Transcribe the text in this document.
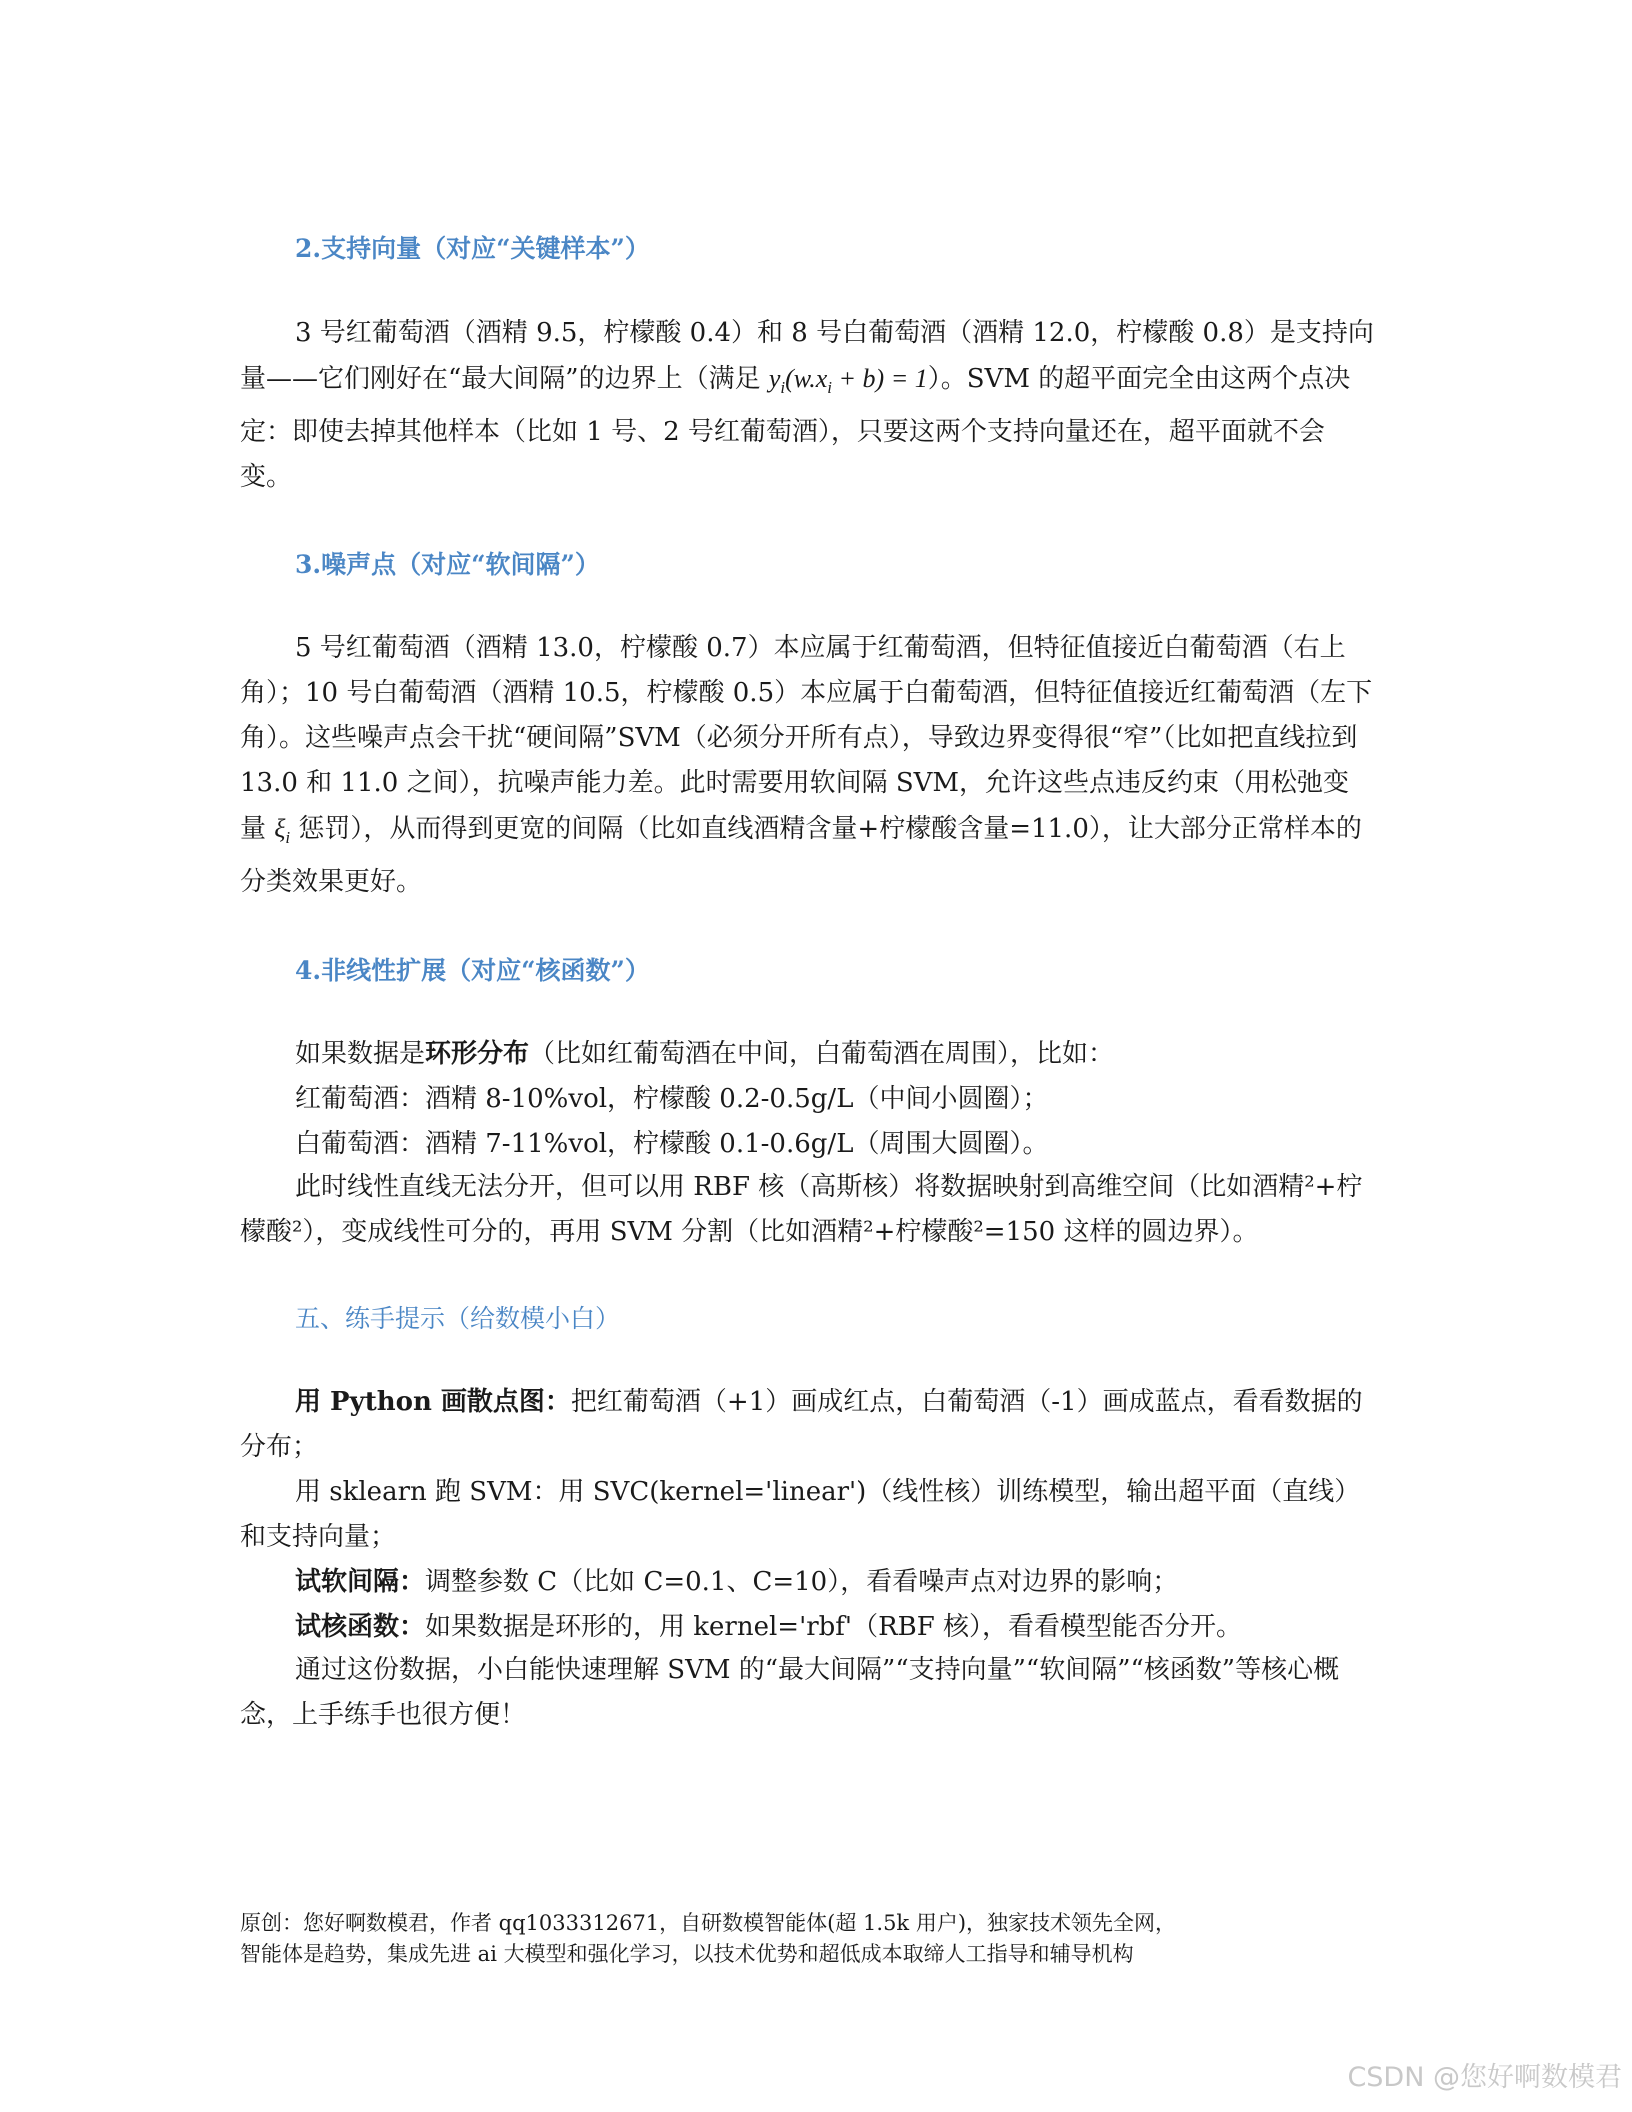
2.支持向量（对应“关键样本”）

3 号红葡萄酒（酒精 9.5，柠檬酸 0.4）和 8 号白葡萄酒（酒精 12.0，柠檬酸 0.8）是支持向量——它们刚好在“最大间隔”的边界上（满足 $y_i(w.x_i + b) = 1$）。SVM 的超平面完全由这两个点决定：即使去掉其他样本（比如 1 号、2 号红葡萄酒），只要这两个支持向量还在，超平面就不会变。

3.噪声点（对应“软间隔”）

5 号红葡萄酒（酒精 13.0，柠檬酸 0.7）本应属于红葡萄酒，但特征值接近白葡萄酒（右上角）；10 号白葡萄酒（酒精 10.5，柠檬酸 0.5）本应属于白葡萄酒，但特征值接近红葡萄酒（左下角）。这些噪声点会干扰“硬间隔”SVM（必须分开所有点），导致边界变得很“窄”（比如把直线拉到 13.0 和 11.0 之间），抗噪声能力差。此时需要用软间隔 SVM，允许这些点违反约束（用松弛变量 $\xi_i$ 惩罚），从而得到更宽的间隔（比如直线酒精含量+柠檬酸含量=11.0），让大部分正常样本的分类效果更好。

4.非线性扩展（对应“核函数”）

如果数据是环形分布（比如红葡萄酒在中间，白葡萄酒在周围），比如：

红葡萄酒：酒精 8-10%vol，柠檬酸 0.2-0.5g/L（中间小圆圈）；

白葡萄酒：酒精 7-11%vol，柠檬酸 0.1-0.6g/L（周围大圆圈）。

此时线性直线无法分开，但可以用 RBF 核（高斯核）将数据映射到高维空间（比如酒精²+柠檬酸²），变成线性可分的，再用 SVM 分割（比如酒精²+柠檬酸²=150 这样的圆边界）。

五、练手提示（给数模小白）

用 Python 画散点图：把红葡萄酒（+1）画成红点，白葡萄酒（-1）画成蓝点，看看数据的分布；

用 sklearn 跑 SVM：用 SVC(kernel='linear')（线性核）训练模型，输出超平面（直线）和支持向量；

试软间隔：调整参数 C（比如 C=0.1、C=10），看看噪声点对边界的影响；

试核函数：如果数据是环形的，用 kernel='rbf'（RBF 核），看看模型能否分开。

通过这份数据，小白能快速理解 SVM 的“最大间隔”“支持向量”“软间隔”“核函数”等核心概念，上手练手也很方便！

原创：您好啊数模君，作者 qq1033312671，自研数模智能体(超 1.5k 用户)，独家技术领先全网，

智能体是趋势，集成先进 ai 大模型和强化学习，以技术优势和超低成本取缔人工指导和辅导机构

CSDN @您好啊数模君
